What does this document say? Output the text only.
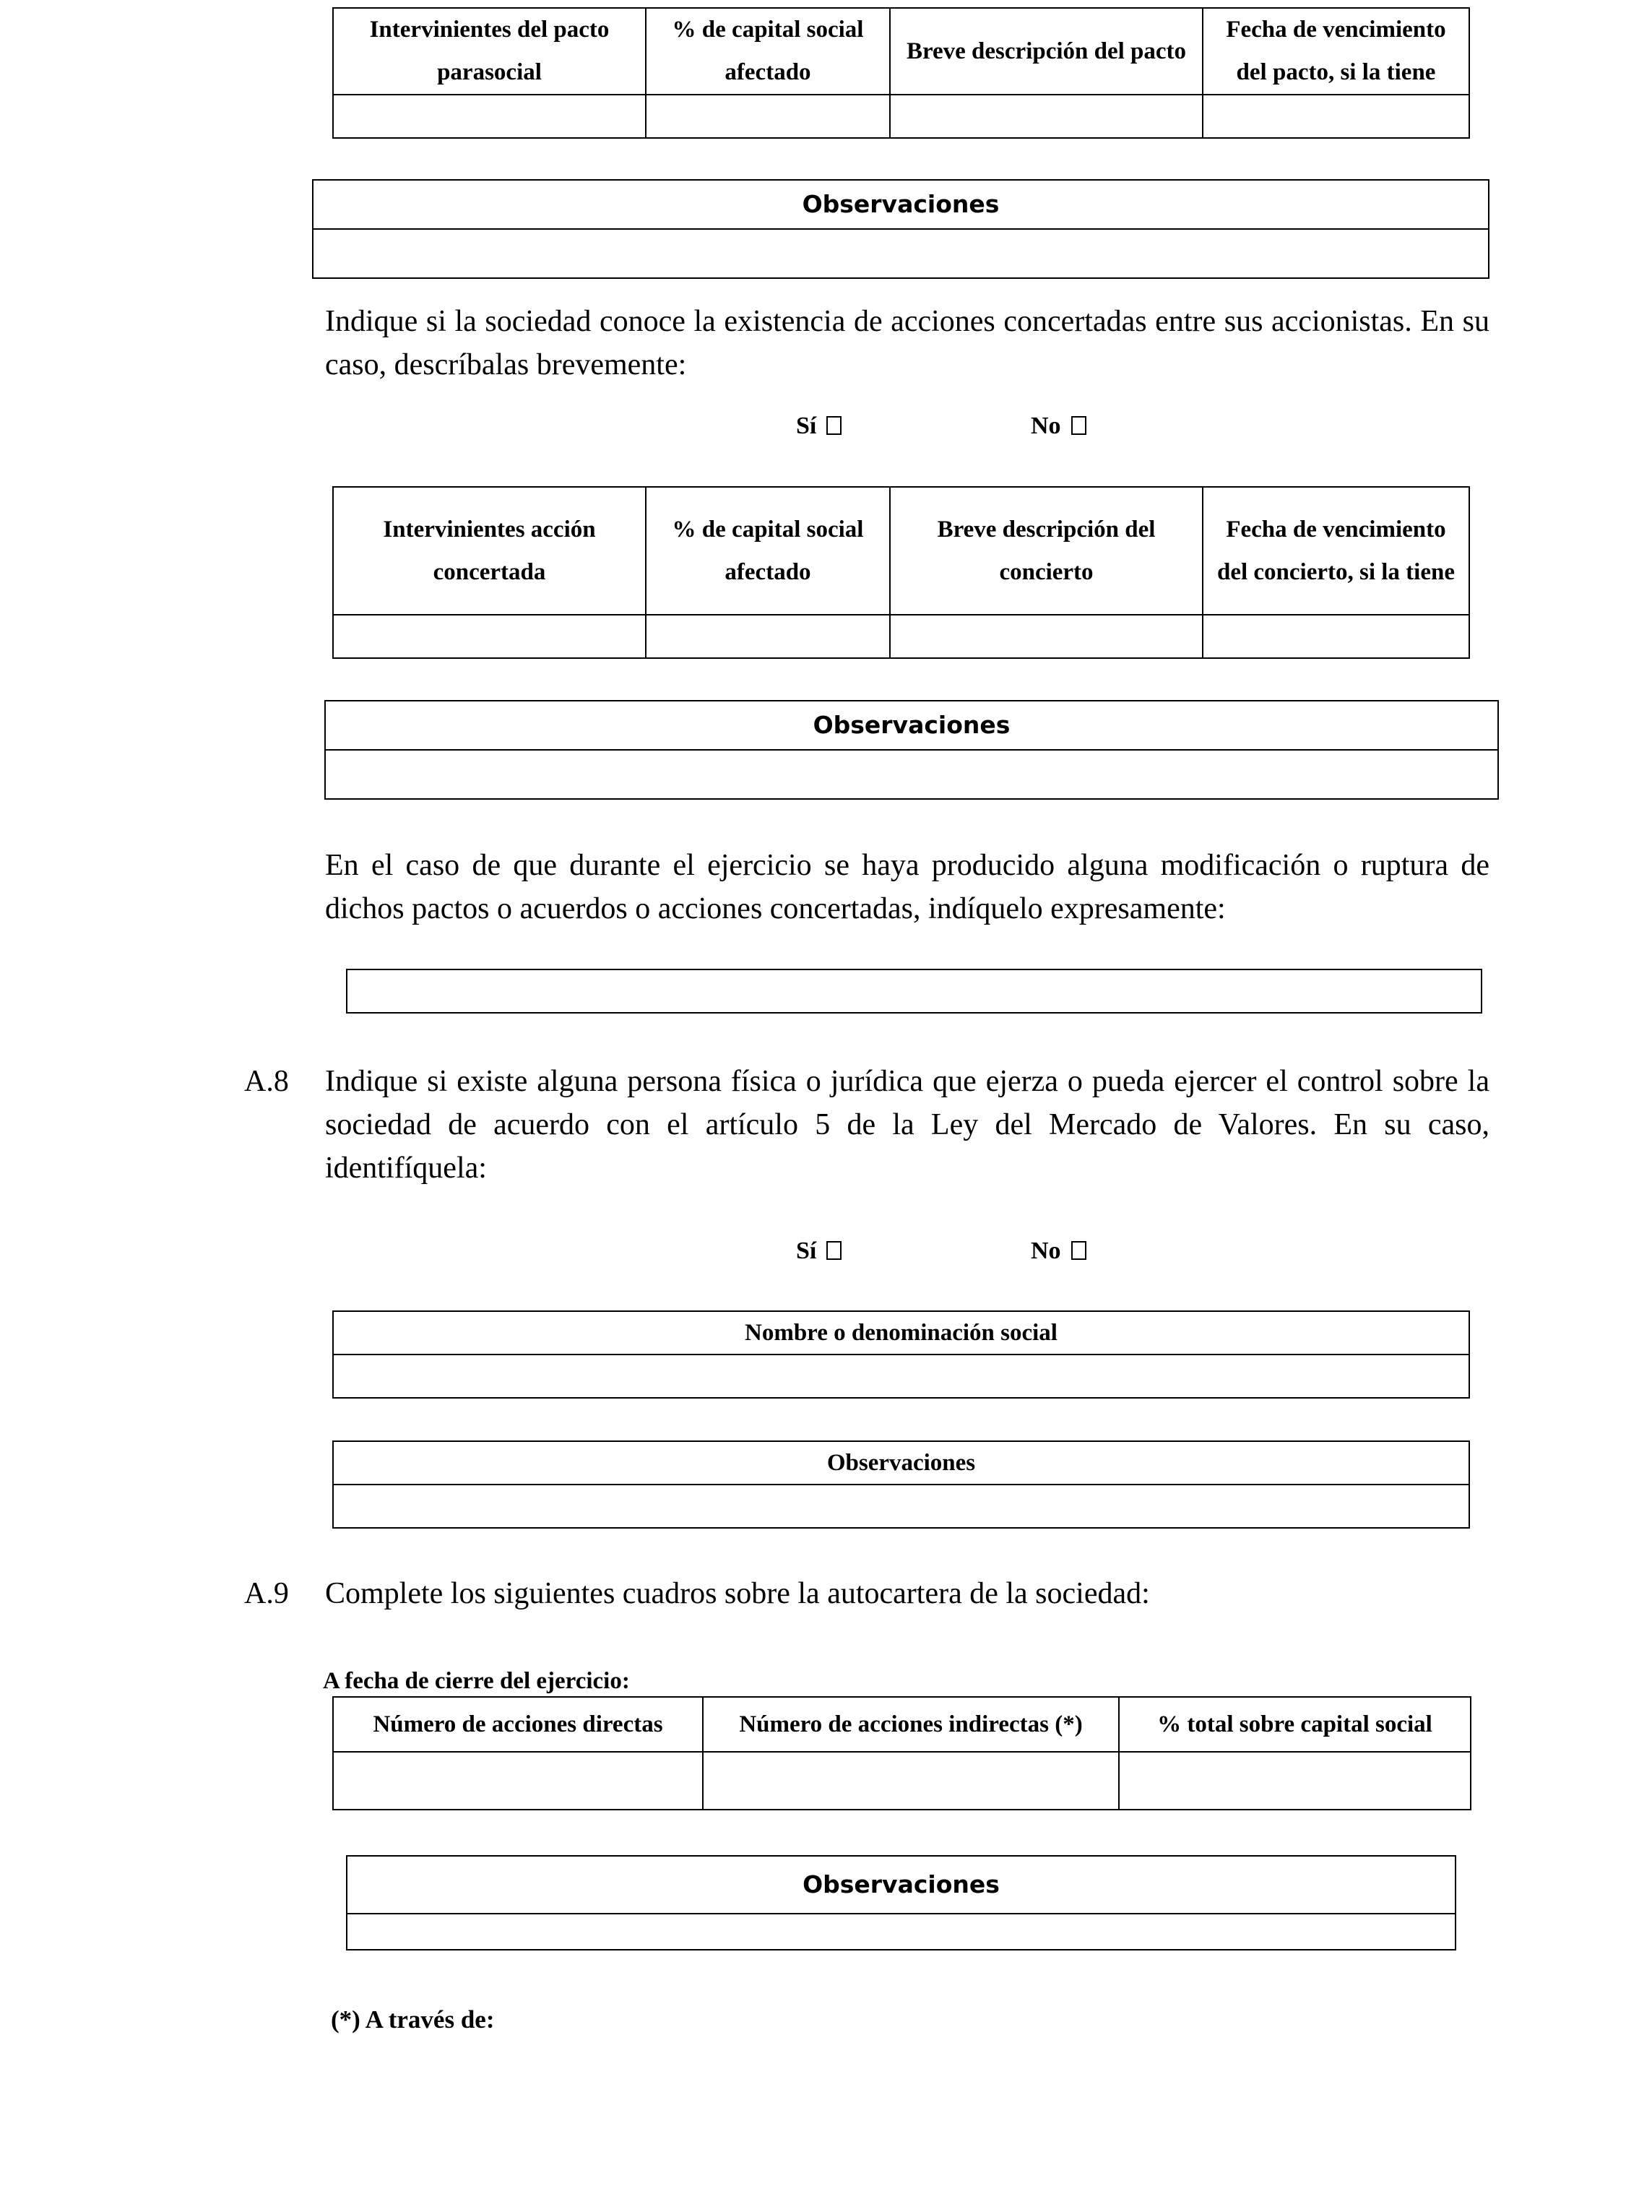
Intervinientes del pacto parasocial	% de capital social afectado	Breve descripción del pacto	Fecha de vencimiento del pacto, si la tiene

Observaciones

Indique si la sociedad conoce la existencia de acciones concertadas entre sus accionistas. En su caso, descríbalas brevemente:
Sí	No
Intervinientes acción concertada	% de capital social afectado	Breve descripción del concierto	Fecha de vencimiento del concierto, si la tiene

Observaciones

En el caso de que durante el ejercicio se haya producido alguna modificación o ruptura de dichos pactos o acuerdos o acciones concertadas, indíquelo expresamente:
A.8 Indique si existe alguna persona física o jurídica que ejerza o pueda ejercer el control sobre la sociedad de acuerdo con el artículo 5 de la Ley del Mercado de Valores. En su caso, identifíquela:
Sí	No
Nombre o denominación social

Observaciones

A.9 Complete los siguientes cuadros sobre la autocartera de la sociedad:
A fecha de cierre del ejercicio:
Número de acciones directas	Número de acciones indirectas (*)	% total sobre capital social

Observaciones

(*) A través de:
